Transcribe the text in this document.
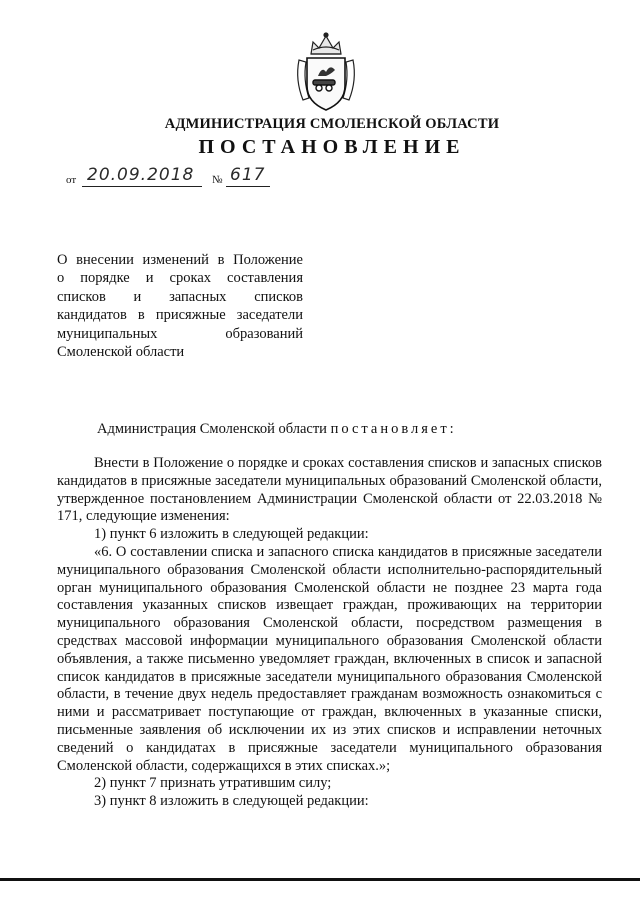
АДМИНИСТРАЦИЯ СМОЛЕНСКОЙ ОБЛАСТИ
ПОСТАНОВЛЕНИЕ
от 20.09.2018 № 617
О внесении изменений в Положение
о порядке и сроках составления
списков и запасных списков
кандидатов в присяжные заседатели
муниципальных образований
Смоленской области
Администрация Смоленской области постановляет:

Внести в Положение о порядке и сроках составления списков и запасных списков кандидатов в присяжные заседатели муниципальных образований Смоленской области, утвержденное постановлением Администрации Смоленской области от 22.03.2018 № 171, следующие изменения:

1) пункт 6 изложить в следующей редакции:

«6. О составлении списка и запасного списка кандидатов в присяжные заседатели муниципального образования Смоленской области исполнительно-распорядительный орган муниципального образования Смоленской области не позднее 23 марта года составления указанных списков извещает граждан, проживающих на территории муниципального образования Смоленской области, посредством размещения в средствах массовой информации муниципального образования Смоленской области объявления, а также письменно уведомляет граждан, включенных в список и запасной список кандидатов в присяжные заседатели муниципального образования Смоленской области, в течение двух недель предоставляет гражданам возможность ознакомиться с ними и рассматривает поступающие от граждан, включенных в указанные списки, письменные заявления об исключении их из этих списков и исправлении неточных сведений о кандидатах в присяжные заседатели муниципального образования Смоленской области, содержащихся в этих списках.»;

2) пункт 7 признать утратившим силу;

3) пункт 8 изложить в следующей редакции:
